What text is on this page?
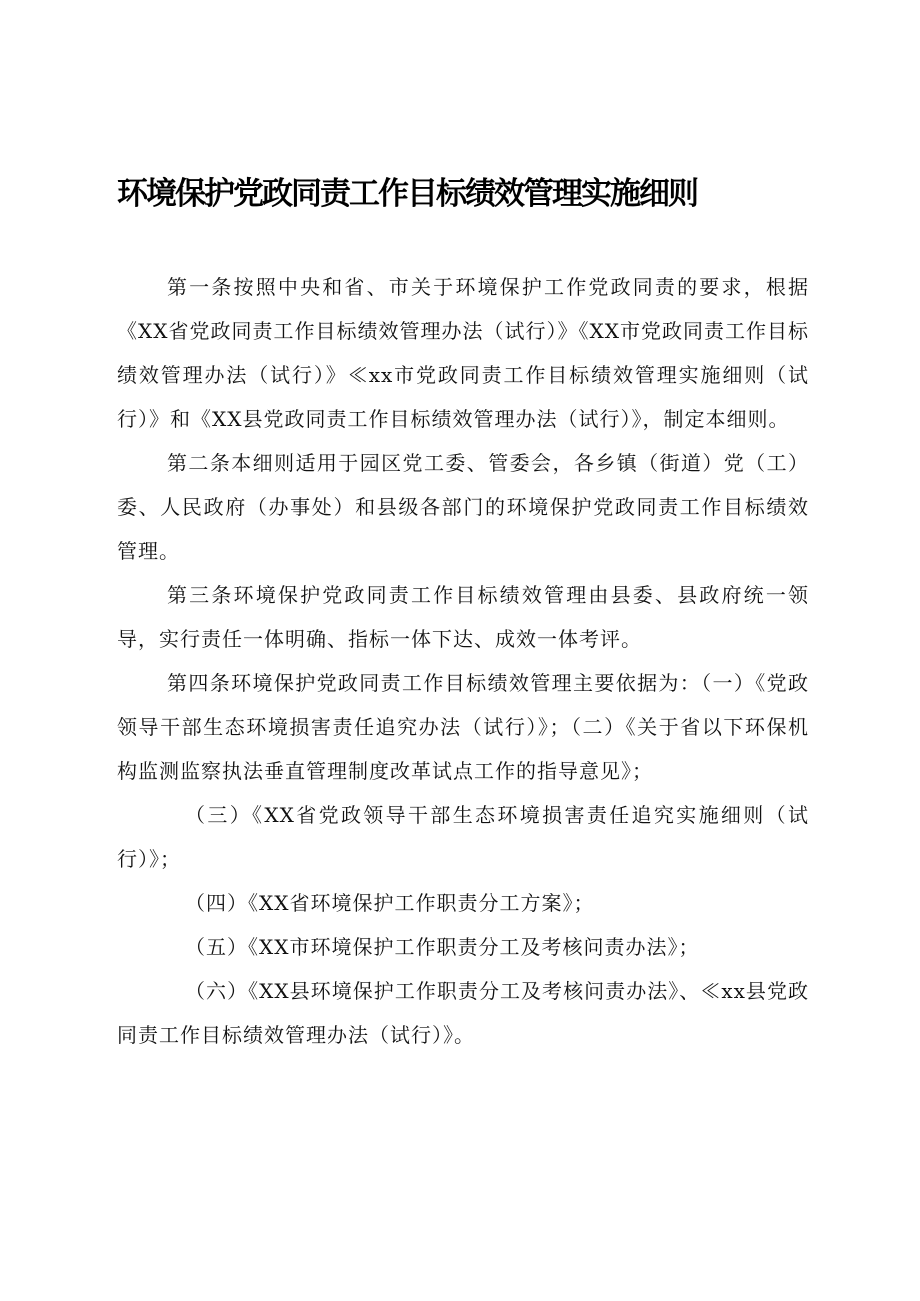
环境保护党政同责工作目标绩效管理实施细则

第一条按照中央和省、市关于环境保护工作党政同责的要求，根据《XX省党政同责工作目标绩效管理办法（试行）》《XX市党政同责工作目标绩效管理办法（试行）》≪xx市党政同责工作目标绩效管理实施细则（试行）》和《XX县党政同责工作目标绩效管理办法（试行）》，制定本细则。

第二条本细则适用于园区党工委、管委会，各乡镇（街道）党（工）委、人民政府（办事处）和县级各部门的环境保护党政同责工作目标绩效管理。

第三条环境保护党政同责工作目标绩效管理由县委、县政府统一领导，实行责任一体明确、指标一体下达、成效一体考评。

第四条环境保护党政同责工作目标绩效管理主要依据为：（一）《党政领导干部生态环境损害责任追究办法（试行）》；（二）《关于省以下环保机构监测监察执法垂直管理制度改革试点工作的指导意见》；

（三）《XX省党政领导干部生态环境损害责任追究实施细则（试行）》；

（四）《XX省环境保护工作职责分工方案》；

（五）《XX市环境保护工作职责分工及考核问责办法》；

（六）《XX县环境保护工作职责分工及考核问责办法》、≪xx县党政同责工作目标绩效管理办法（试行）》。
